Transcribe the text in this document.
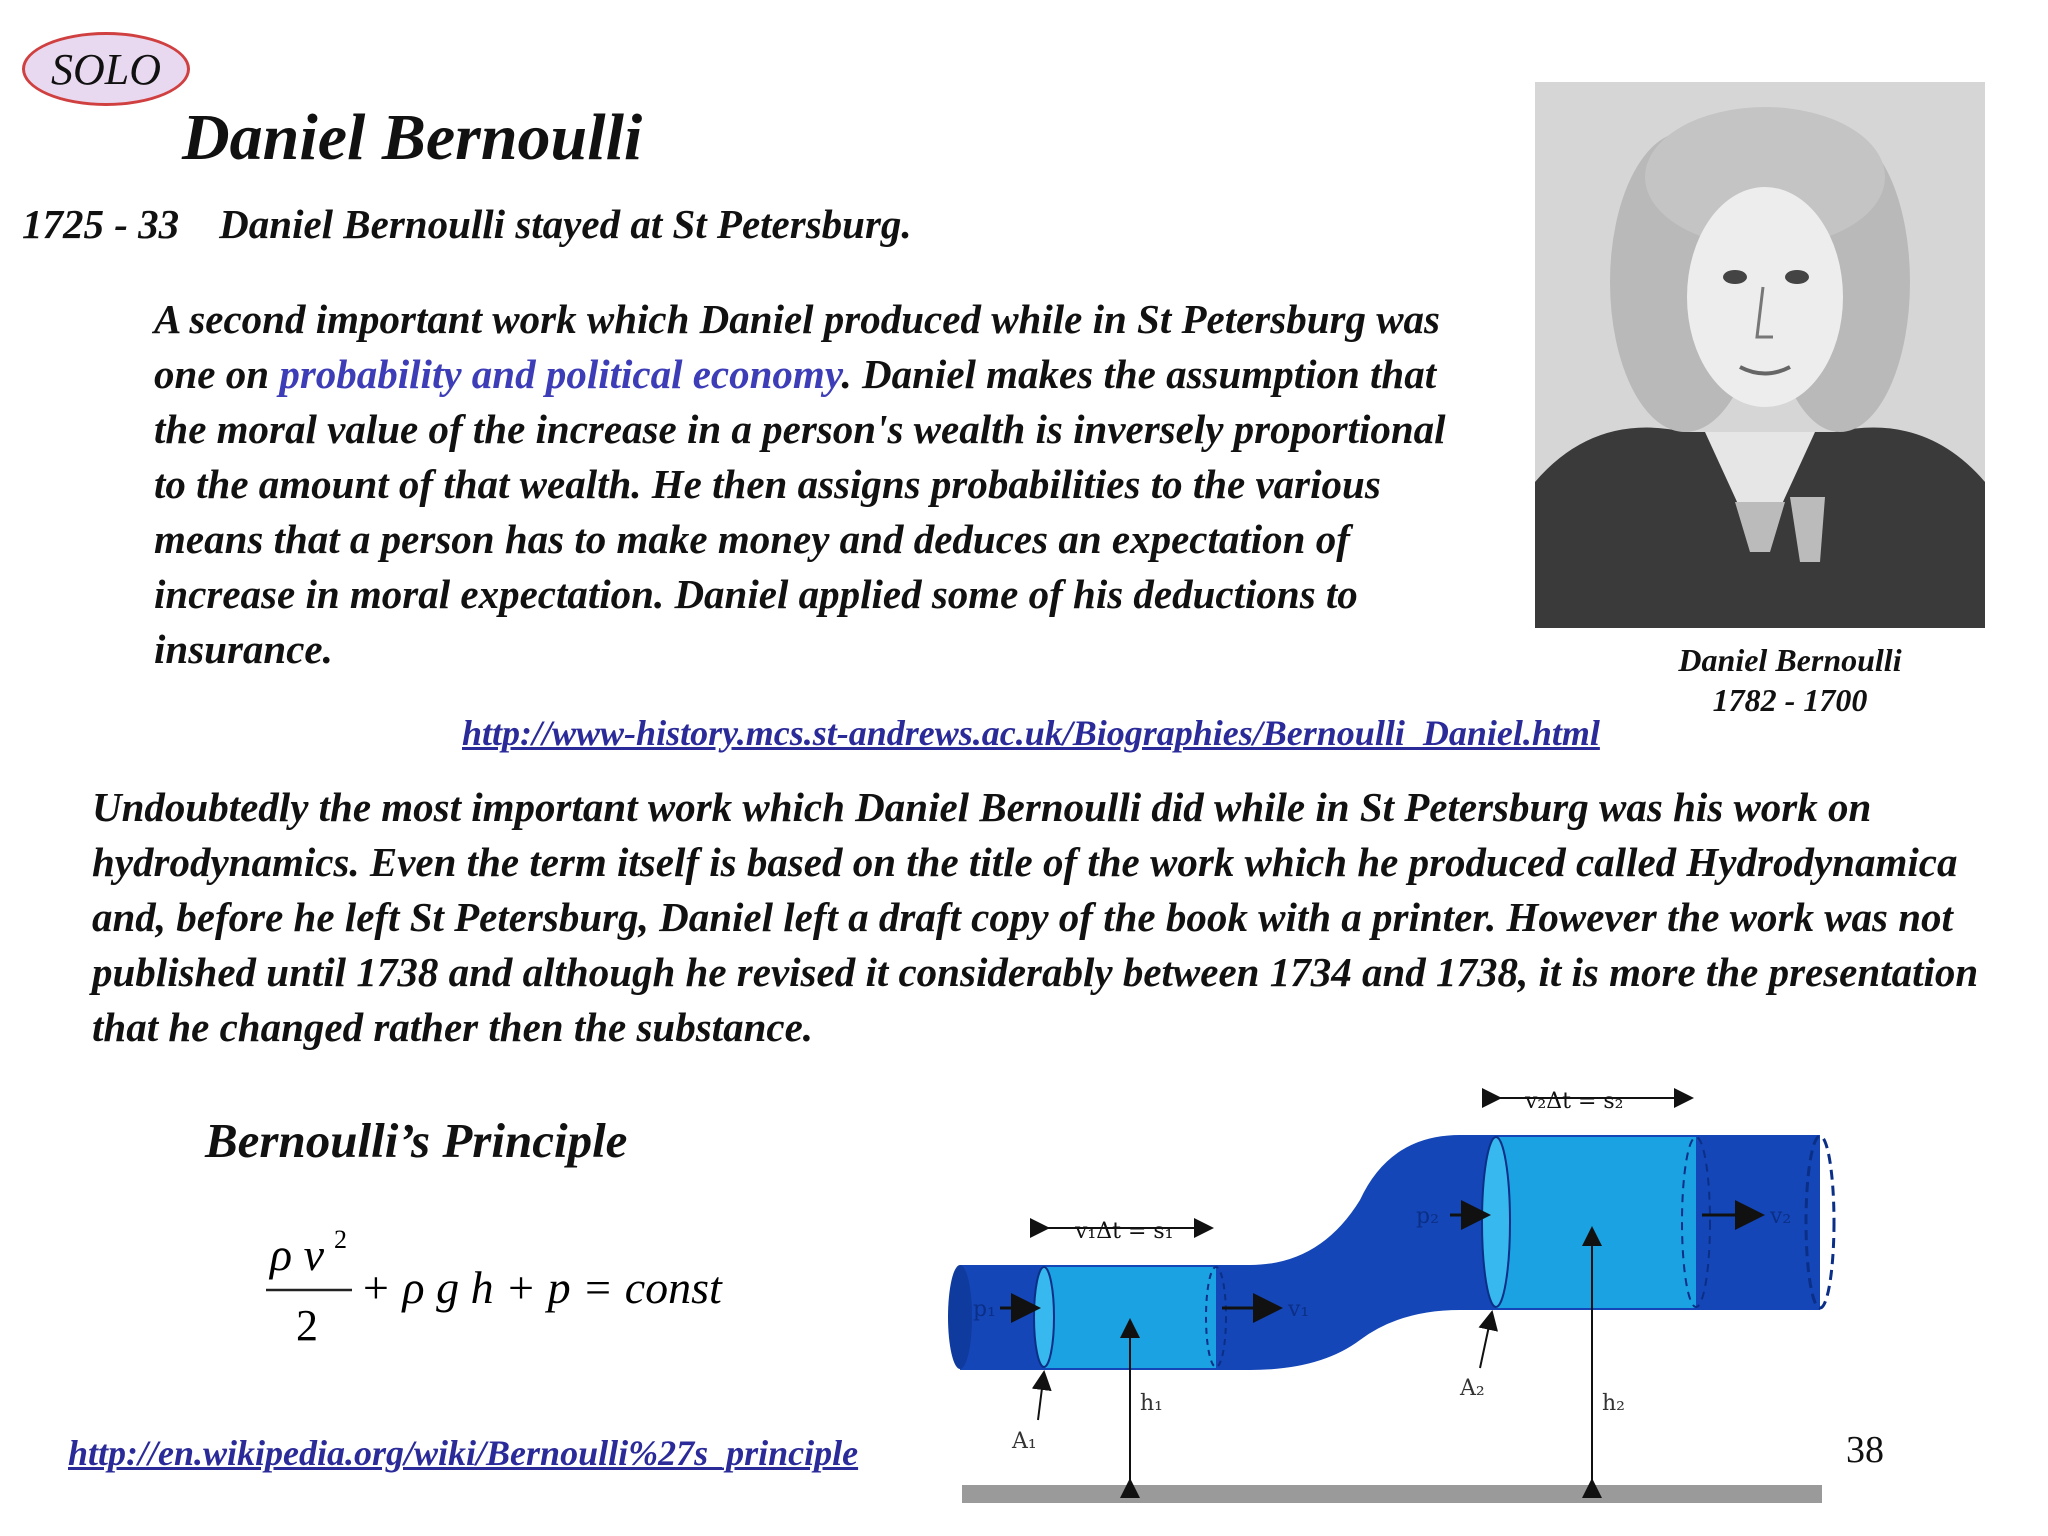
SOLO
Daniel Bernoulli
1725 - 33 Daniel Bernoulli stayed at St Petersburg.
A second important work which Daniel produced while in St Petersburg was one on probability and political economy. Daniel makes the assumption that the moral value of the increase in a person's wealth is inversely proportional to the amount of that wealth. He then assigns probabilities to the various means that a person has to make money and deduces an expectation of increase in moral expectation. Daniel applied some of his deductions to insurance.
http://www-history.mcs.st-andrews.ac.uk/Biographies/Bernoulli_Daniel.html
Daniel Bernoulli
1782 - 1700
Undoubtedly the most important work which Daniel Bernoulli did while in St Petersburg was his work on hydrodynamics. Even the term itself is based on the title of the work which he produced called Hydrodynamica and, before he left St Petersburg, Daniel left a draft copy of the book with a printer. However the work was not published until 1738 and although he revised it considerably between 1734 and 1738, it is more the presentation that he changed rather then the substance.
Bernoulli’s Principle
ρ v 2
2
+ ρ g h + p = const
http://en.wikipedia.org/wiki/Bernoulli%27s_principle	38
v₁Δt = s₁
v₂Δt = s₂
p₁	v₁
p₂	v₂
h₁	h₂
A₁
A₂
